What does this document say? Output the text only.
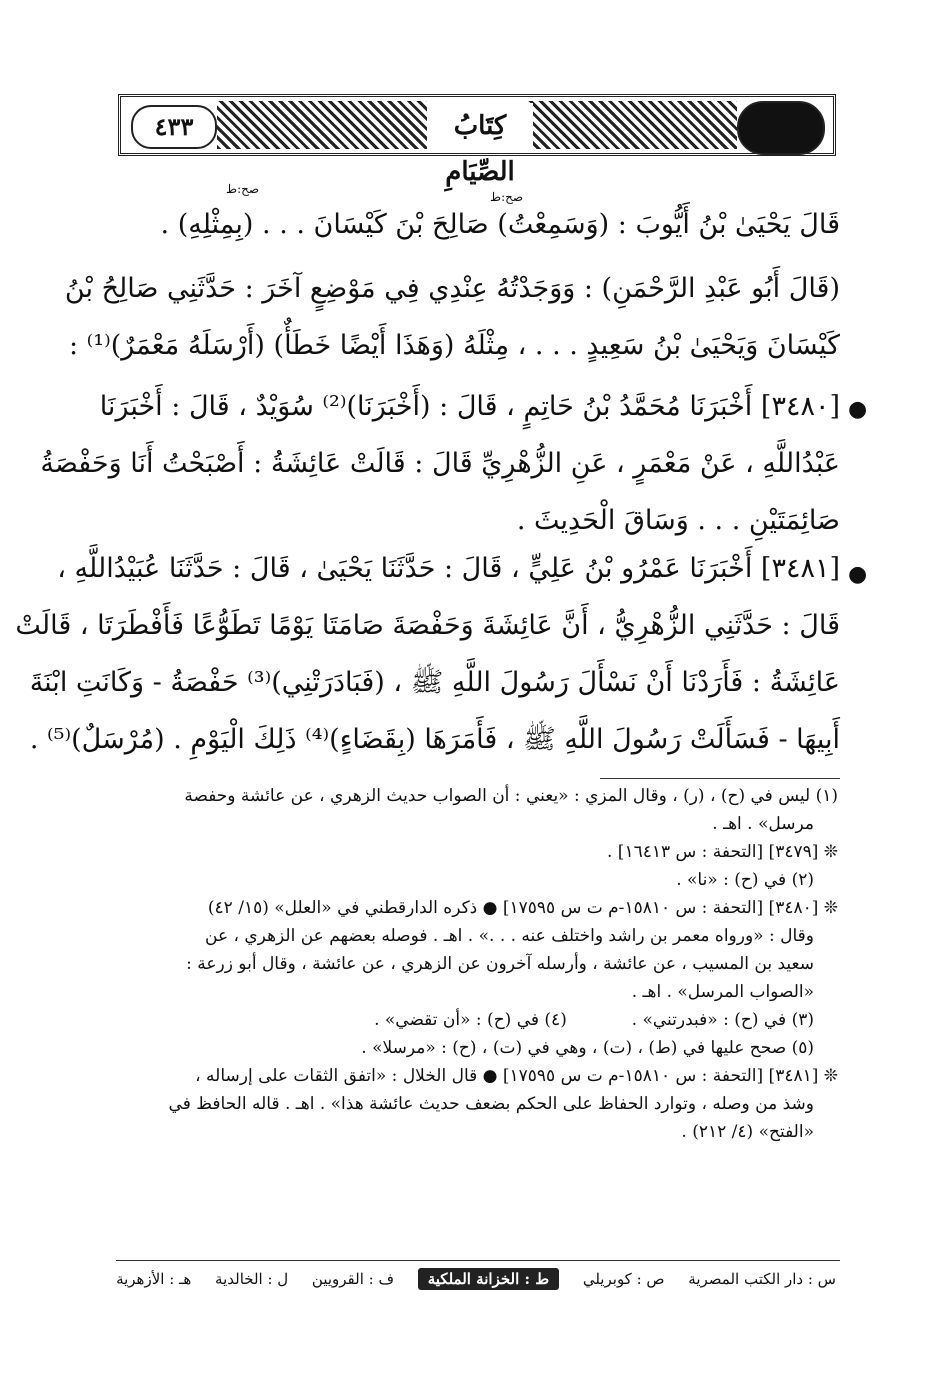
٤٣٣	كِتَابُ الصِّيَامِ
صح:ط
صح:ط
قَالَ يَحْيَىٰ بْنُ أَيُّوبَ : (وَسَمِعْتُ) صَالِحَ بْنَ كَيْسَانَ . . . (بِمِثْلِهِ) .
(قَالَ أَبُو عَبْدِ الرَّحْمَنِ) : وَوَجَدْتُهُ عِنْدِي فِي مَوْضِعٍ آخَرَ : حَدَّثَنِي صَالِحُ بْنُ
كَيْسَانَ وَيَحْيَىٰ بْنُ سَعِيدٍ . . . ، مِثْلَهُ (وَهَذَا أَيْضًا خَطَأٌ) (أَرْسَلَهُ مَعْمَرٌ)⁽¹⁾ :
●
[٣٤٨٠] أَخْبَرَنَا مُحَمَّدُ بْنُ حَاتِمٍ ، قَالَ : (أَخْبَرَنَا)⁽²⁾ سُوَيْدٌ ، قَالَ : أَخْبَرَنَا
عَبْدُاللَّهِ ، عَنْ مَعْمَرٍ ، عَنِ الزُّهْرِيِّ قَالَ : قَالَتْ عَائِشَةُ : أَصْبَحْتُ أَنَا وَحَفْصَةُ
صَائِمَتَيْنِ . . . وَسَاقَ الْحَدِيثَ .
●
[٣٤٨١] أَخْبَرَنَا عَمْرُو بْنُ عَلِيٍّ ، قَالَ : حَدَّثَنَا يَحْيَىٰ ، قَالَ : حَدَّثَنَا عُبَيْدُاللَّهِ ،
قَالَ : حَدَّثَنِي الزُّهْرِيُّ ، أَنَّ عَائِشَةَ وَحَفْصَةَ صَامَتَا يَوْمًا تَطَوُّعًا فَأَفْطَرَتَا ، قَالَتْ
عَائِشَةُ : فَأَرَدْنَا أَنْ نَسْأَلَ رَسُولَ اللَّهِ ﷺ ، (فَبَادَرَتْنِي)⁽³⁾ حَفْصَةُ - وَكَانَتِ ابْنَةَ
أَبِيهَا - فَسَأَلَتْ رَسُولَ اللَّهِ ﷺ ، فَأَمَرَهَا (بِقَضَاءٍ)⁽⁴⁾ ذَلِكَ الْيَوْمِ . (مُرْسَلٌ)⁽⁵⁾ .
(١) ليس في (ح) ، (ر) ، وقال المزي : «يعني : أن الصواب حديث الزهري ، عن عائشة وحفصة
مرسل» . اهـ .
❊ [٣٤٧٩] [التحفة : س ١٦٤١٣] .
(٢) في (ح) : «نا» .
❊ [٣٤٨٠] [التحفة : س ١٥٨١٠-م ت س ١٧٥٩٥] ● ذكره الدارقطني في «العلل» (١٥/ ٤٢)
وقال : «ورواه معمر بن راشد واختلف عنه . . .» . اهـ . فوصله بعضهم عن الزهري ، عن
سعيد بن المسيب ، عن عائشة ، وأرسله آخرون عن الزهري ، عن عائشة ، وقال أبو زرعة :
«الصواب المرسل» . اهـ .
(٣) في (ح) : «فبدرتني» .            (٤) في (ح) : «أن تقضي» .
(٥) صحح عليها في (ط) ، (ت) ، وهي في (ت) ، (ح) : «مرسلا» .
❊ [٣٤٨١] [التحفة : س ١٥٨١٠-م ت س ١٧٥٩٥] ● قال الخلال : «اتفق الثقات على إرساله ،
وشذ من وصله ، وتوارد الحفاظ على الحكم بضعف حديث عائشة هذا» . اهـ . قاله الحافظ في
«الفتح» (٤/ ٢١٢) .
س : دار الكتب المصرية
ص : كوبريلي
ط : الخزانة الملكية
ف : القرويين
ل : الخالدية
هـ : الأزهرية
